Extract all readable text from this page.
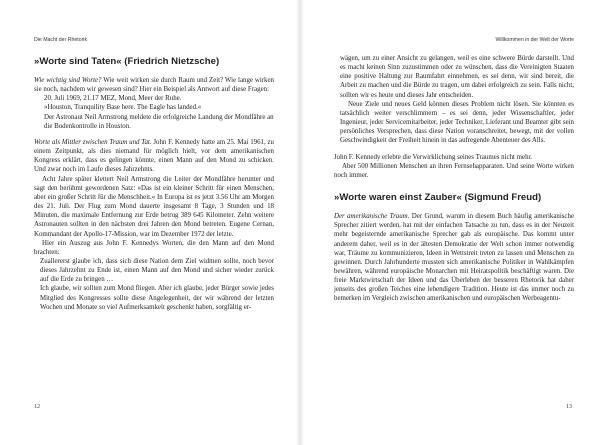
Die Macht der Rhetorik
»Worte sind Taten« (Friedrich Nietzsche)

Wie wichtig sind Worte? Wie weit wirken sie durch Raum und Zeit? Wie lange wirken sie noch, nachdem wir gewesen sind? Hier ein Beispiel als Antwort auf diese Fragen:

20. Juli 1969, 21.17 MEZ, Mond, Meer der Ruhe.
»Houston, Tranquility Base here. The Eagle has landed.«
Der Astronaut Neil Armstrong meldete die erfolgreiche Landung der Mondfähre an die Bodenkontrolle in Houston.

Worte als Mittler zwischen Traum und Tat. John F. Kennedy hatte am 25. Mai 1961, zu einem Zeitpunkt, als dies niemand für möglich hielt, vor dem amerikanischen Kongress erklärt, dass es gelingen könnte, einen Mann auf den Mond zu schicken. Und zwar noch im Laufe dieses Jahrzehnts.

Acht Jahre später klettert Neil Armstrong die Leiter der Mondfähre herunter und sagt den berühmt gewordenen Satz: »Das ist ein kleiner Schritt für einen Menschen, aber ein großer Schritt für die Menschheit.« In Europa ist es jetzt 3.56 Uhr am Morgen des 21. Juli. Der Flug zum Mond dauerte insgesamt 8 Tage, 3 Stunden und 18 Minuten, die maximale Entfernung zur Erde betrug 389 645 Kilometer. Zehn weitere Astronauten sollten in den nächsten drei Jahren den Mond betreten. Eugene Cernan, Kommandant der Apollo-17-Mission, war im Dezember 1972 der letzte.

Hier ein Auszug aus John F. Kennedys Worten, die den Mann auf den Mond brachten:

Zuallererst glaube ich, dass sich diese Nation dem Ziel widmen sollte, noch bevor dieses Jahrzehnt zu Ende ist, einen Mann auf den Mond und sicher wieder zurück auf die Erde zu bringen …

Ich glaube, wir sollten zum Mond fliegen. Aber ich glaube, jeder Bürger sowie jedes Mitglied des Kongresses sollte diese Angelegenheit, der wir während der letzten Wochen und Monate so viel Aufmerksamkeit geschenkt haben, sorgfältig er-

12
Willkommen in der Welt der Worte

wägen, um zu einer Ansicht zu gelangen, weil es eine schwere Bürde darstellt. Und es macht keinen Sinn zuzustimmen oder zu wünschen, dass die Vereinigten Staaten eine positive Haltung zur Raumfahrt einnehmen, es sei denn, wir sind bereit, die Arbeit zu machen und die Bürde zu tragen, um dabei erfolgreich zu sein. Falls nicht, sollten wir es heute und dieses Jahr entscheiden.

Neue Ziele und neues Geld können dieses Problem nicht lösen. Sie könnten es tatsächlich weiter verschlimmern – es sei denn, jeder Wissenschaftler, jeder Ingenieur, jeder Servicemitarbeiter, jeder Techniker, Lieferant und Beamter gibt sein persönliches Versprechen, dass diese Nation voranschreitet, bewegt, mit der vollen Geschwindigkeit der Freiheit hinein in das aufregende Abenteuer des Alls.

John F. Kennedy erlebte die Verwirklichung seines Traumes nicht mehr.

Aber 500 Millionen Menschen an ihren Fernsehapparaten. Und seine Worte wirken noch immer.

»Worte waren einst Zauber« (Sigmund Freud)

Der amerikanische Traum. Der Grund, warum in diesem Buch häufig amerikanische Sprecher zitiert werden, hat mit der einfachen Tatsache zu tun, dass es in der Neuzeit mehr begeisternde amerikanische Sprecher gab als europäische. Das kommt unter anderem daher, weil es in der ältesten Demokratie der Welt schon immer notwendig war, Träume zu kommunizieren, Ideen in Wettstreit treten zu lassen und Menschen zu gewinnen. Durch Jahrhunderte mussten sich amerikanische Politiker in Wahlkämpfen bewähren, während europäische Monarchen mit Heiratspolitik beschäftigt waren. Die freie Marktwirtschaft der Ideen und das Überleben der besseren Rhetorik hat daher jenseits des großen Teiches eine lebendigere Tradition. Heute ist das immer noch zu bemerken im Vergleich zwischen amerikanischen und europäischen Werbeagentu-

13
